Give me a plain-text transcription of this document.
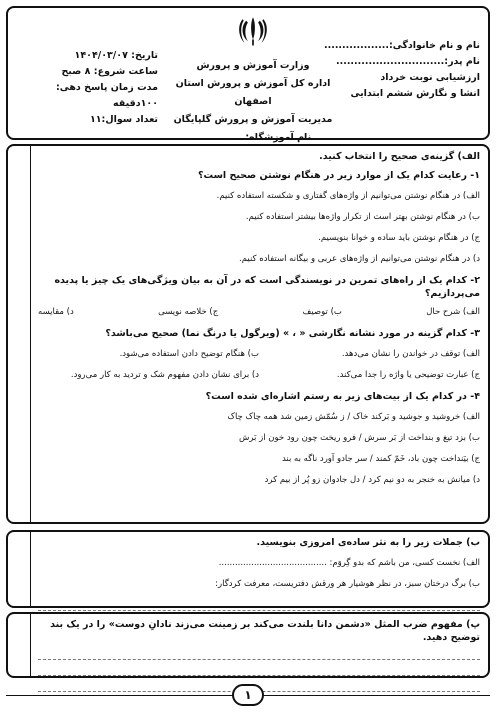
نام و نام خانوادگی:..................
نام پدر:..............................
ارزشیابی نوبت خرداد
انشا و نگارش ششم ابتدایی
وزارت آموزش و پرورش
اداره کل آموزش و پرورش استان اصفهان
مدیریت آموزش و پرورش گلپایگان
نام آموزشگاه:..............
تاریخ: ۱۴۰۴/۰۳/۰۷
ساعت شروع: ۸ صبح
مدت زمان پاسخ دهی: ۱۰۰دقیقه
تعداد سوال:۱۱
الف) گزینه‌ی صحیح را انتخاب کنید.
۱- رعایت کدام یک از موارد زیر در هنگام نوشتن صحیح است؟
الف) در هنگام نوشتن می‌توانیم از واژه‌های گفتاری و شکسته استفاده کنیم.
ب) در هنگام نوشتن بهتر است از تکرار واژه‌ها بیشتر استفاده کنیم.
ج) در هنگام نوشتن باید ساده و خوانا بنویسیم.
د) در هنگام نوشتن می‌توانیم از واژه‌های عربی و بیگانه استفاده کنیم.
۲- کدام یک از راه‌های تمرین در نویسندگی است که در آن به بیان ویژگی‌های یک چیز یا پدیده می‌پردازیم؟
الف) شرح حال
ب) توصیف
ج) خلاصه نویسی
د) مقایسه
۳- کدام گزینه در مورد نشانه نگارشی « ، » (ویرگول یا درنگ نما) صحیح می‌باشد؟
الف) توقف در خواندن را نشان می‌دهد.
ب) هنگام توضیح دادن استفاده می‌شود.
ج) عبارت توضیحی یا واژه را جدا می‌کند.
د) برای نشان دادن مفهوم شک و تردید به کار می‌رود.
۴- در کدام یک از بیت‌های زیر به رستم اشاره‌ای شده است؟
الف) خروشید و جوشید و بَرکند خاک / ز سُمّش زمین شد همه چاک چاک
ب) بزد تیغ و بنداخت از بَر سرش / فرو ریخت چون رود خون از بَرش
ج) بیَنداخت چون باد، خَمّ کمند / سر جادو آورد ناگه به بند
د) میانش به خنجر به دو نیم کرد / دل جادوان زو پُر از بیم کرد
ب) جملات زیر را به نثر ساده‌ی امروزی بنویسید.
الف) نخست کسی، من باشم که بدو گِروَم: ........................................
ب) برگ درختان سبز، در نظر هوشیار هر ورقش دفتریست، معرفت کردگار:
پ) مفهوم ضرب المثل «دشمن دانا بلندت می‌کند بر زمینت می‌زند نادانِ دوست» را در یک بند توضیح دهید.
۱
